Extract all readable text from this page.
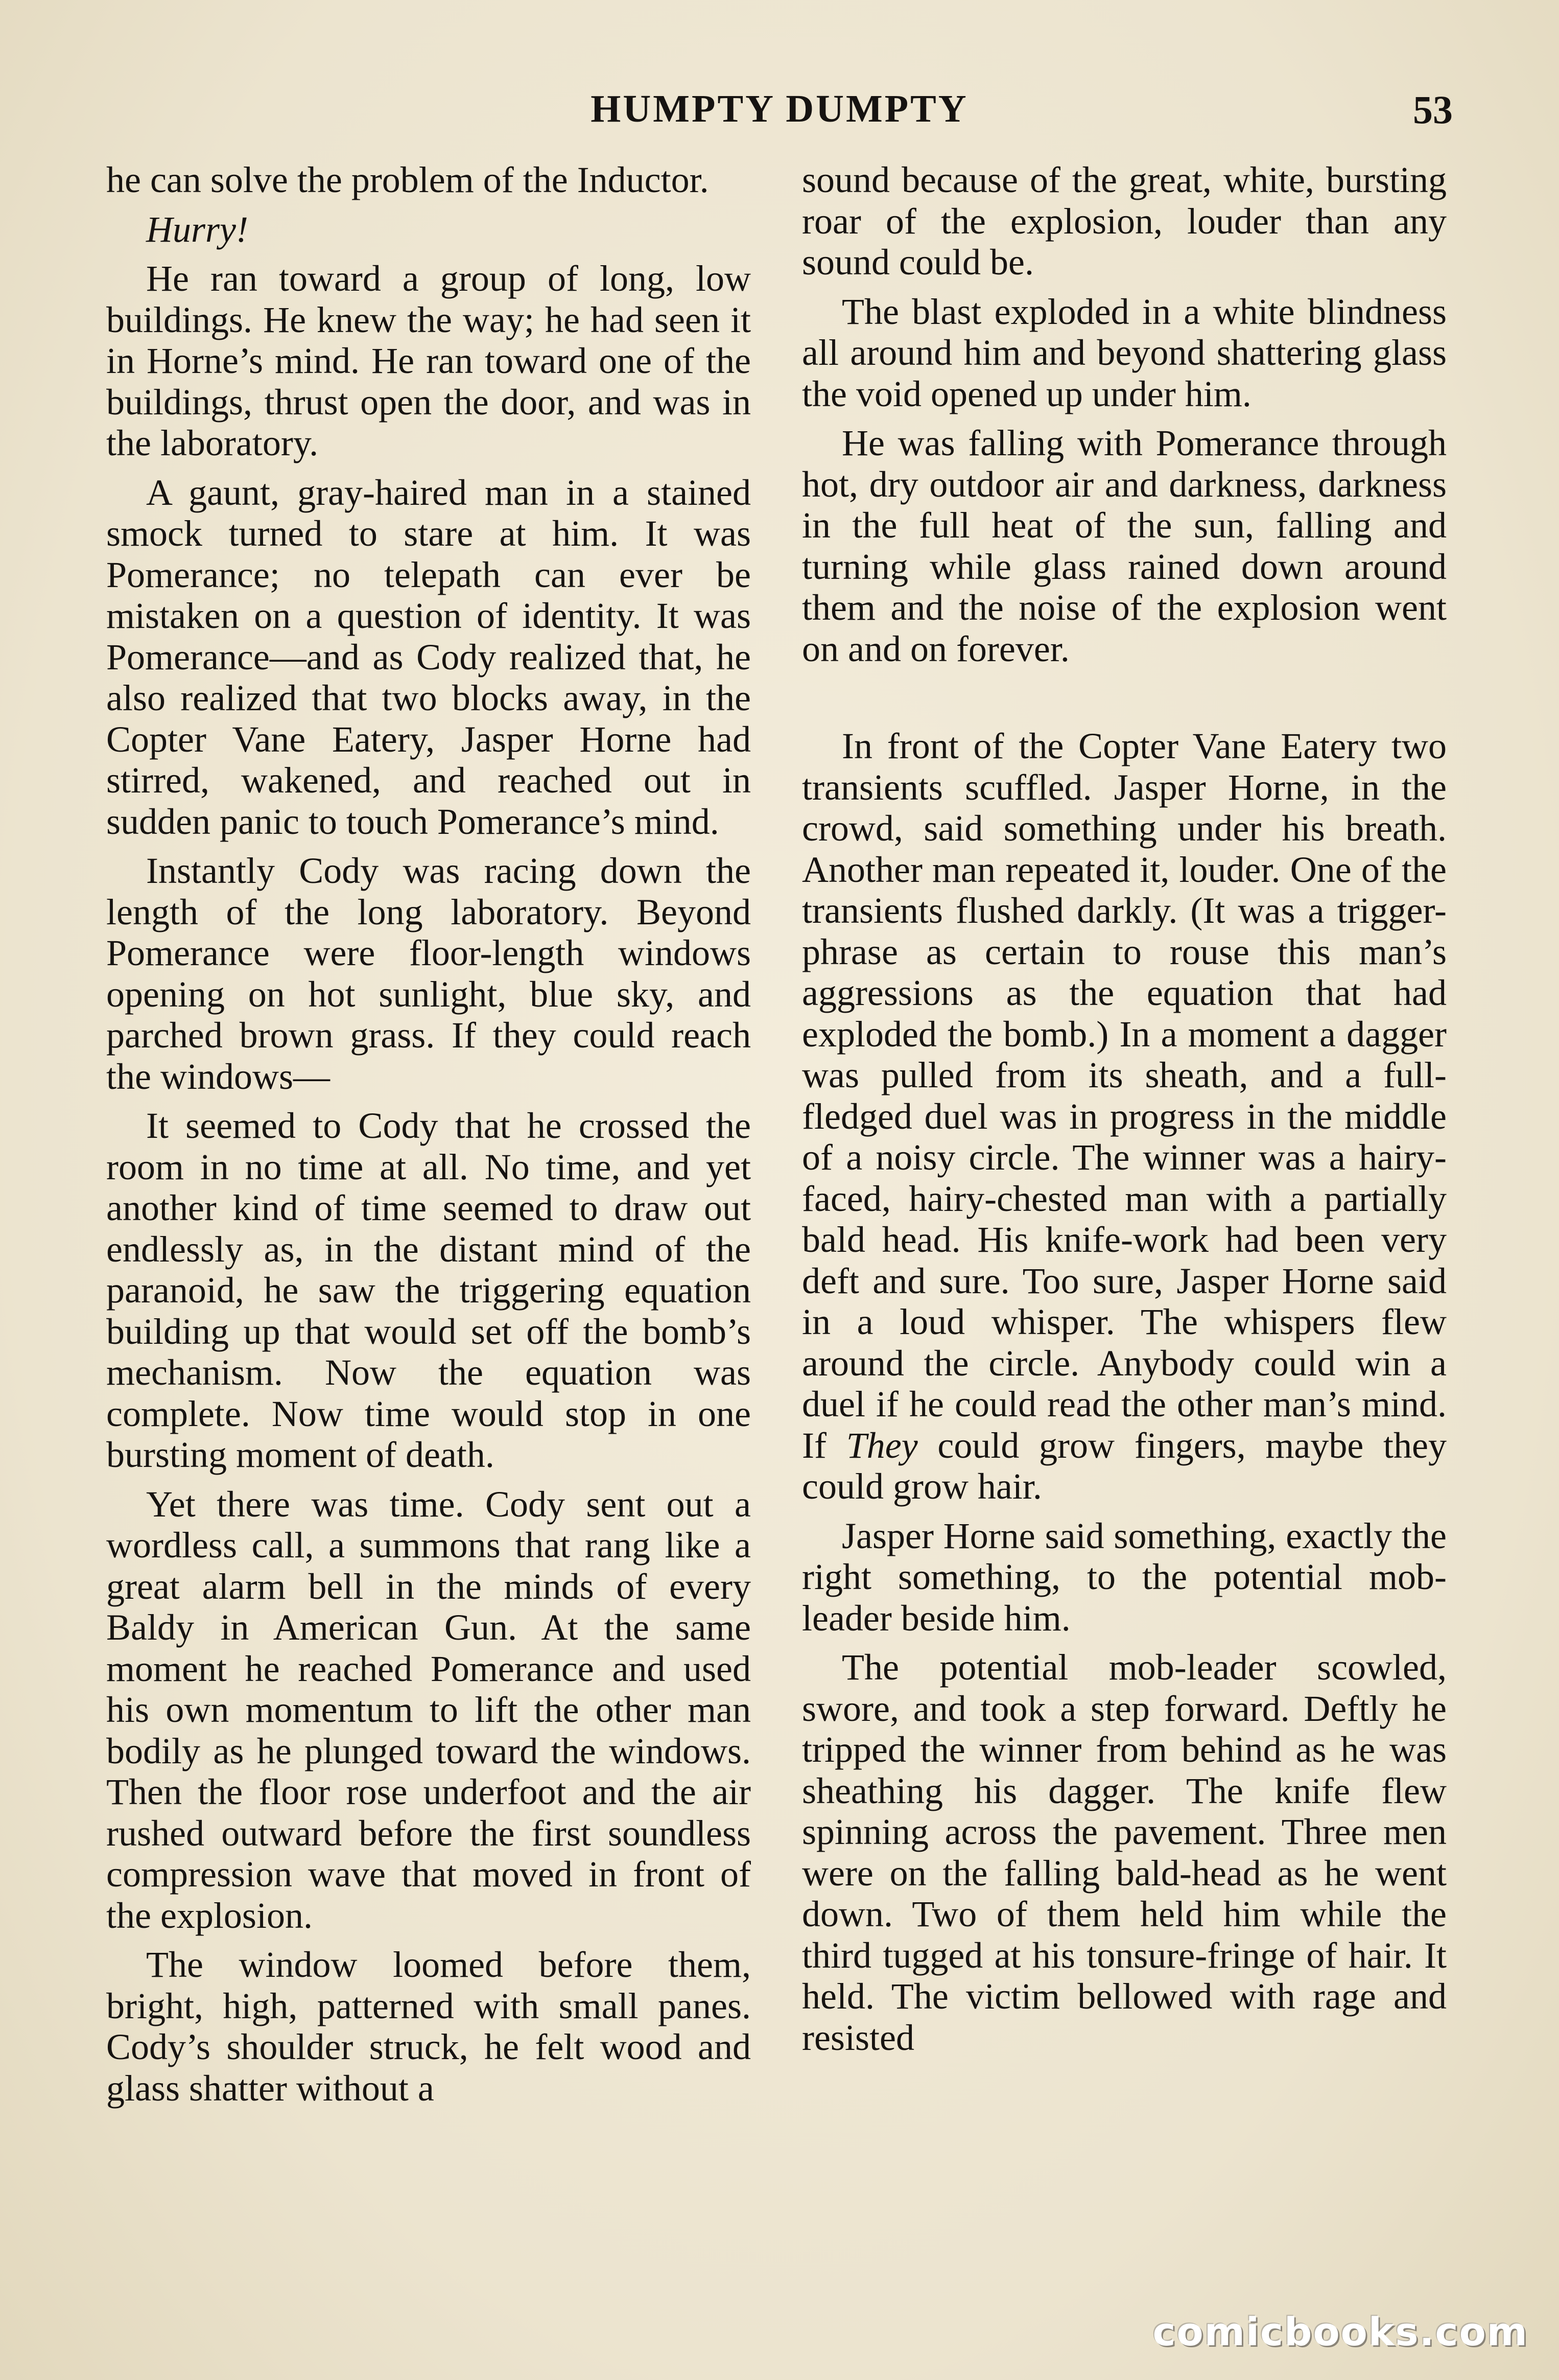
HUMPTY DUMPTY	53

he can solve the problem of the Inductor.

Hurry!

He ran toward a group of long, low buildings. He knew the way; he had seen it in Horne’s mind. He ran toward one of the buildings, thrust open the door, and was in the laboratory.

A gaunt, gray-haired man in a stained smock turned to stare at him. It was Pomerance; no telepath can ever be mistaken on a question of identity. It was Pomerance—and as Cody realized that, he also realized that two blocks away, in the Copter Vane Eatery, Jasper Horne had stirred, wakened, and reached out in sudden panic to touch Pomerance’s mind.

Instantly Cody was racing down the length of the long laboratory. Beyond Pomerance were floor-length windows opening on hot sunlight, blue sky, and parched brown grass. If they could reach the windows—

It seemed to Cody that he crossed the room in no time at all. No time, and yet another kind of time seemed to draw out endlessly as, in the distant mind of the paranoid, he saw the triggering equation building up that would set off the bomb’s mechanism. Now the equation was complete. Now time would stop in one bursting moment of death.

Yet there was time. Cody sent out a wordless call, a summons that rang like a great alarm bell in the minds of every Baldy in American Gun. At the same moment he reached Pomerance and used his own momentum to lift the other man bodily as he plunged toward the windows. Then the floor rose underfoot and the air rushed outward before the first soundless compression wave that moved in front of the explosion.

The window loomed before them, bright, high, patterned with small panes. Cody’s shoulder struck, he felt wood and glass shatter without a

sound because of the great, white, bursting roar of the explosion, louder than any sound could be.

The blast exploded in a white blindness all around him and beyond shattering glass the void opened up under him.

He was falling with Pomerance through hot, dry outdoor air and darkness, darkness in the full heat of the sun, falling and turning while glass rained down around them and the noise of the explosion went on and on forever.

In front of the Copter Vane Eatery two transients scuffled. Jasper Horne, in the crowd, said something under his breath. Another man repeated it, louder. One of the transients flushed darkly. (It was a trigger-phrase as certain to rouse this man’s aggressions as the equation that had exploded the bomb.) In a moment a dagger was pulled from its sheath, and a full-fledged duel was in progress in the middle of a noisy circle. The winner was a hairy-faced, hairy-chested man with a partially bald head. His knife-work had been very deft and sure. Too sure, Jasper Horne said in a loud whisper. The whispers flew around the circle. Anybody could win a duel if he could read the other man’s mind. If They could grow fingers, maybe they could grow hair.

Jasper Horne said something, exactly the right something, to the potential mob-leader beside him.

The potential mob-leader scowled, swore, and took a step forward. Deftly he tripped the winner from behind as he was sheathing his dagger. The knife flew spinning across the pavement. Three men were on the falling bald-head as he went down. Two of them held him while the third tugged at his tonsure-fringe of hair. It held. The victim bellowed with rage and resisted

comicbooks.com
